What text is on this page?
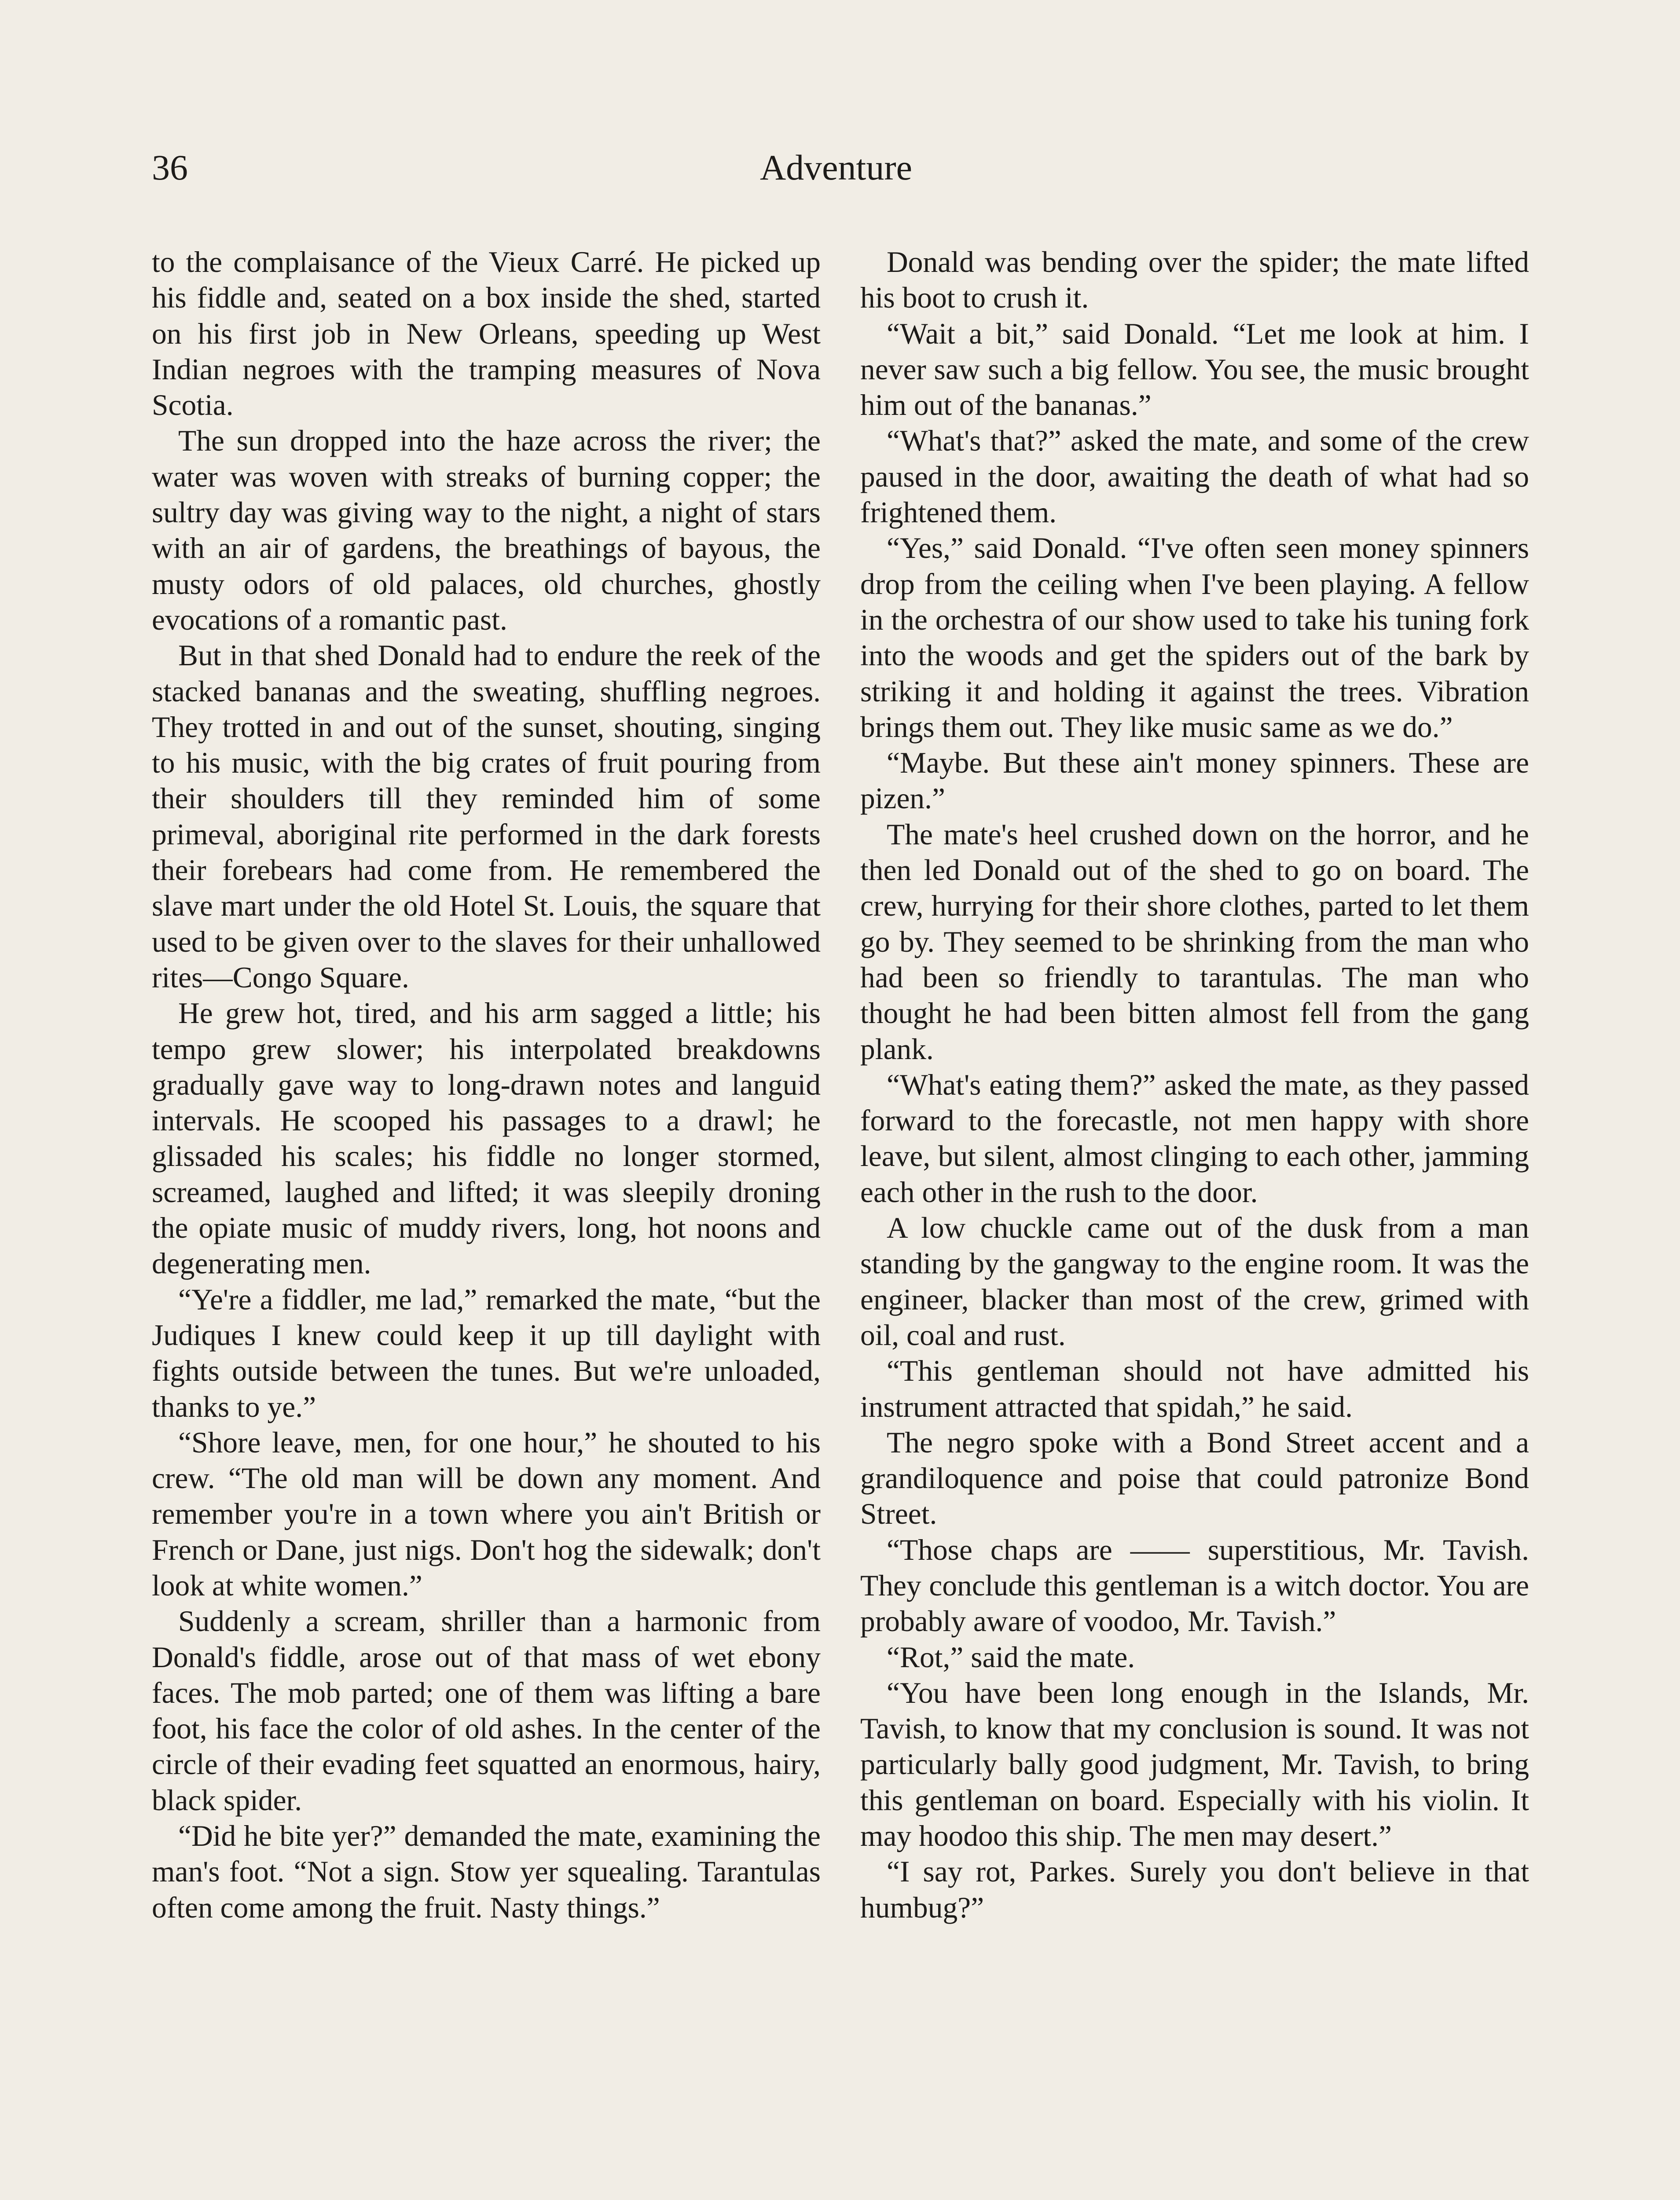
36	Adventure

to the complaisance of the Vieux Carré. He picked up his fiddle and, seated on a box inside the shed, started on his first job in New Orleans, speeding up West Indian negroes with the tramping measures of Nova Scotia.

The sun dropped into the haze across the river; the water was woven with streaks of burning copper; the sultry day was giving way to the night, a night of stars with an air of gardens, the breathings of bayous, the musty odors of old palaces, old churches, ghostly evocations of a romantic past.

But in that shed Donald had to endure the reek of the stacked bananas and the sweating, shuffling negroes. They trotted in and out of the sunset, shouting, singing to his music, with the big crates of fruit pouring from their shoulders till they reminded him of some primeval, aboriginal rite performed in the dark forests their forebears had come from. He remembered the slave mart under the old Hotel St. Louis, the square that used to be given over to the slaves for their unhallowed rites—Congo Square.

He grew hot, tired, and his arm sagged a little; his tempo grew slower; his interpolated breakdowns gradually gave way to long-drawn notes and languid intervals. He scooped his passages to a drawl; he glissaded his scales; his fiddle no longer stormed, screamed, laughed and lifted; it was sleepily droning the opiate music of muddy rivers, long, hot noons and degenerating men.

“Ye're a fiddler, me lad,” remarked the mate, “but the Judiques I knew could keep it up till daylight with fights outside between the tunes. But we're unloaded, thanks to ye.”

“Shore leave, men, for one hour,” he shouted to his crew. “The old man will be down any moment. And remember you're in a town where you ain't British or French or Dane, just nigs. Don't hog the sidewalk; don't look at white women.”

Suddenly a scream, shriller than a harmonic from Donald's fiddle, arose out of that mass of wet ebony faces. The mob parted; one of them was lifting a bare foot, his face the color of old ashes. In the center of the circle of their evading feet squatted an enormous, hairy, black spider.

“Did he bite yer?” demanded the mate, examining the man's foot. “Not a sign. Stow yer squealing. Tarantulas often come among the fruit. Nasty things.”

Donald was bending over the spider; the mate lifted his boot to crush it.

“Wait a bit,” said Donald. “Let me look at him. I never saw such a big fellow. You see, the music brought him out of the bananas.”

“What's that?” asked the mate, and some of the crew paused in the door, awaiting the death of what had so frightened them.

“Yes,” said Donald. “I've often seen money spinners drop from the ceiling when I've been playing. A fellow in the orchestra of our show used to take his tuning fork into the woods and get the spiders out of the bark by striking it and holding it against the trees. Vibration brings them out. They like music same as we do.”

“Maybe. But these ain't money spinners. These are pizen.”

The mate's heel crushed down on the horror, and he then led Donald out of the shed to go on board. The crew, hurrying for their shore clothes, parted to let them go by. They seemed to be shrinking from the man who had been so friendly to tarantulas. The man who thought he had been bitten almost fell from the gang plank.

“What's eating them?” asked the mate, as they passed forward to the forecastle, not men happy with shore leave, but silent, almost clinging to each other, jamming each other in the rush to the door.

A low chuckle came out of the dusk from a man standing by the gangway to the engine room. It was the engineer, blacker than most of the crew, grimed with oil, coal and rust.

“This gentleman should not have admitted his instrument attracted that spidah,” he said.

The negro spoke with a Bond Street accent and a grandiloquence and poise that could patronize Bond Street.

“Those chaps are —— superstitious, Mr. Tavish. They conclude this gentleman is a witch doctor. You are probably aware of voodoo, Mr. Tavish.”

“Rot,” said the mate.

“You have been long enough in the Islands, Mr. Tavish, to know that my conclusion is sound. It was not particularly bally good judgment, Mr. Tavish, to bring this gentleman on board. Especially with his violin. It may hoodoo this ship. The men may desert.”

“I say rot, Parkes. Surely you don't believe in that humbug?”
